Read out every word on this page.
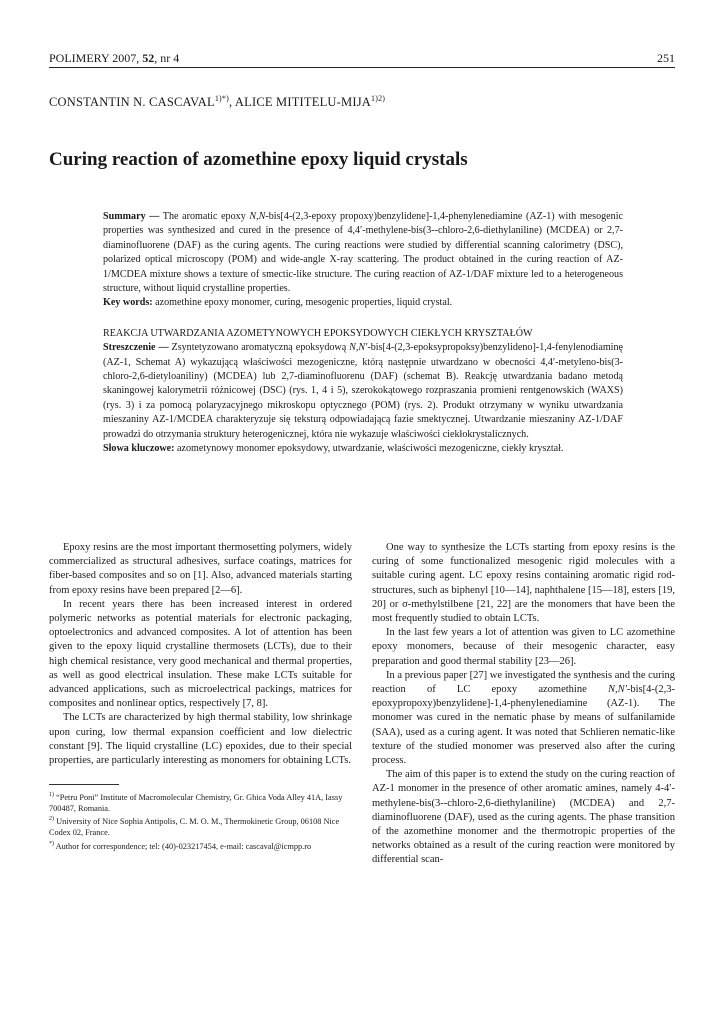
POLIMERY 2007, 52, nr 4	251
CONSTANTIN N. $CASCAVAL^{1)*)}$, ALICE MITITELU-$MIJA^{1)2)}$
Curing reaction of azomethine epoxy liquid crystals

Summary — The aromatic epoxy N,N-bis[4-(2,3-epoxy propoxy)benzylidene]-1,4-phenylenediamine (AZ-1) with mesogenic properties was synthesized and cured in the presence of 4,4′-methylene-bis(3--chloro-2,6-diethylaniline) (MCDEA) or 2,7-diaminofluorene (DAF) as the curing agents. The curing reactions were studied by differential scanning calorimetry (DSC), polarized optical microscopy (POM) and wide-angle X-ray scattering. The product obtained in the curing reaction of AZ-1/MCDEA mixture shows a texture of smectic-like structure. The curing reaction of AZ-1/DAF mixture led to a heterogeneous structure, without liquid crystalline properties.

Key words: azomethine epoxy monomer, curing, mesogenic properties, liquid crystal.

REAKCJA UTWARDZANIA AZOMETYNOWYCH EPOKSYDOWYCH CIEKŁYCH KRYSZTAŁÓW

Streszczenie — Zsyntetyzowano aromatyczną epoksydową N,N′-bis[4-(2,3-epoksypropoksy)benzylideno]-1,4-fenylenodiaminę (AZ-1, Schemat A) wykazującą właściwości mezogeniczne, którą następnie utwardzano w obecności 4,4′-metyleno-bis(3-chloro-2,6-dietyloaniliny) (MCDEA) lub 2,7-diaminofluorenu (DAF) (schemat B). Reakcję utwardzania badano metodą skaningowej kalorymetrii różnicowej (DSC) (rys. 1, 4 i 5), szerokokątowego rozpraszania promieni rentgenowskich (WAXS) (rys. 3) i za pomocą polaryzacyjnego mikroskopu optycznego (POM) (rys. 2). Produkt otrzymany w wyniku utwardzania mieszaniny AZ-1/MCDEA charakteryzuje się teksturą odpowiadającą fazie smektycznej. Utwardzanie mieszaniny AZ-1/DAF prowadzi do otrzymania struktury heterogenicznej, która nie wykazuje właściwości ciekłokrystalicznych.

Słowa kluczowe: azometynowy monomer epoksydowy, utwardzanie, właściwości mezogeniczne, ciekły kryształ.

Epoxy resins are the most important thermosetting polymers, widely commercialized as structural adhesives, surface coatings, matrices for fiber-based composites and so on [1]. Also, advanced materials starting from epoxy resins have been prepared [2—6].

In recent years there has been increased interest in ordered polymeric networks as potential materials for electronic packaging, optoelectronics and advanced composites. A lot of attention has been given to the epoxy liquid crystalline thermosets (LCTs), due to their high chemical resistance, very good mechanical and thermal properties, as well as good electrical insulation. These make LCTs suitable for advanced applications, such as microelectrical packings, matrices for composites and nonlinear optics, respectively [7, 8].

The LCTs are characterized by high thermal stability, low shrinkage upon curing, low thermal expansion coefficient and low dielectric constant [9]. The liquid crystalline (LC) epoxides, due to their special properties, are particularly interesting as monomers for obtaining LCTs.

$^{1)}$ “Petru Poni” Institute of Macromolecular Chemistry, Gr. Ghica Voda Alley 41A, Iassy 700487, Romania.

$^{2)}$ University of Nice Sophia Antipolis, C. M. O. M., Thermokinetic Group, 06108 Nice Codex 02, France.

*) Author for correspondence; tel: (40)-023217454, e-mail: cascaval@icmpp.ro

One way to synthesize the LCTs starting from epoxy resins is the curing of some functionalized mesogenic rigid molecules with a suitable curing agent. LC epoxy resins containing aromatic rigid rod-structures, such as biphenyl [10—14], naphthalene [15—18], esters [19, 20] or σ-methylstilbene [21, 22] are the monomers that have been the most frequently studied to obtain LCTs.

In the last few years a lot of attention was given to LC azomethine epoxy monomers, because of their mesogenic character, easy preparation and good thermal stability [23—26].

In a previous paper [27] we investigated the synthesis and the curing reaction of LC epoxy azomethine N,N′-bis[4-(2,3-epoxypropoxy)benzylidene]-1,4-phenylenediamine (AZ-1). The monomer was cured in the nematic phase by means of sulfanilamide (SAA), used as a curing agent. It was noted that Schlieren nematic-like texture of the studied monomer was preserved also after the curing process.

The aim of this paper is to extend the study on the curing reaction of AZ-1 monomer in the presence of other aromatic amines, namely 4-4′-methylene-bis(3--chloro-2,6-diethylaniline) (MCDEA) and 2,7-diaminofluorene (DAF), used as the curing agents. The phase transition of the azomethine monomer and the thermotropic properties of the networks obtained as a result of the curing reaction were monitored by differential scan-
